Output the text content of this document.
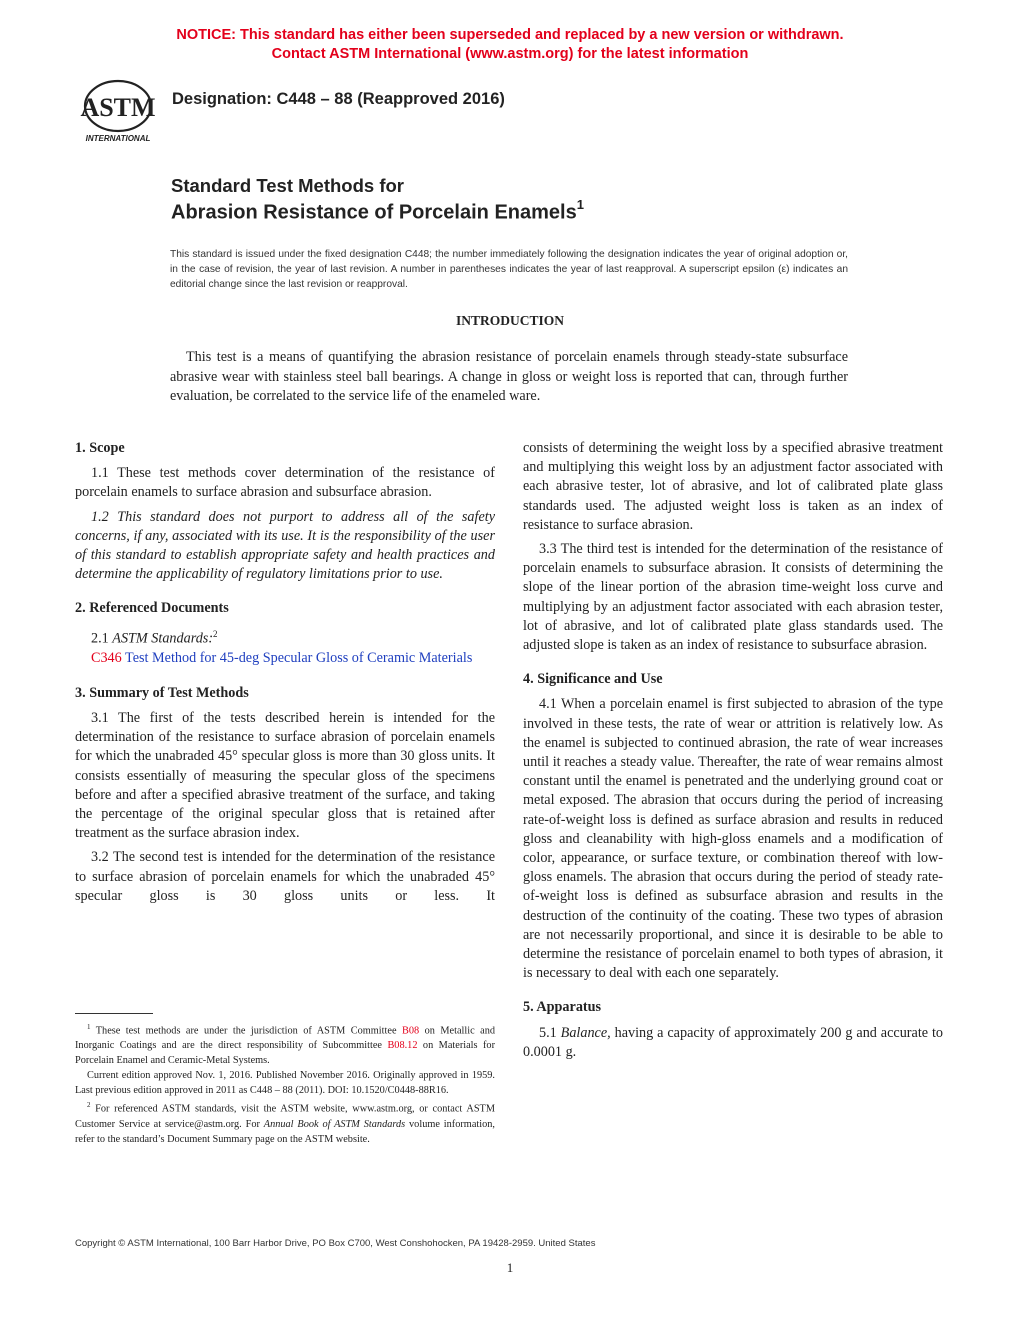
NOTICE: This standard has either been superseded and replaced by a new version or withdrawn.
Contact ASTM International (www.astm.org) for the latest information
ASTM
INTERNATIONAL
Designation: C448 – 88 (Reapproved 2016)
Standard Test Methods for
Abrasion Resistance of Porcelain Enamels$^1$
This standard is issued under the fixed designation C448; the number immediately following the designation indicates the year of original adoption or, in the case of revision, the year of last revision. A number in parentheses indicates the year of last reapproval. A superscript epsilon (ε) indicates an editorial change since the last revision or reapproval.
INTRODUCTION
This test is a means of quantifying the abrasion resistance of porcelain enamels through steady-state subsurface abrasive wear with stainless steel ball bearings. A change in gloss or weight loss is reported that can, through further evaluation, be correlated to the service life of the enameled ware.
1. Scope

1.1 These test methods cover determination of the resistance of porcelain enamels to surface abrasion and subsurface abrasion.

1.2 This standard does not purport to address all of the safety concerns, if any, associated with its use. It is the responsibility of the user of this standard to establish appropriate safety and health practices and determine the applicability of regulatory limitations prior to use.

2. Referenced Documents

2.1 ASTM Standards:$^2$

C346 Test Method for 45-deg Specular Gloss of Ceramic Materials

3. Summary of Test Methods

3.1 The first of the tests described herein is intended for the determination of the resistance to surface abrasion of porcelain enamels for which the unabraded 45° specular gloss is more than 30 gloss units. It consists essentially of measuring the specular gloss of the specimens before and after a specified abrasive treatment of the surface, and taking the percentage of the original specular gloss that is retained after treatment as the surface abrasion index.

3.2 The second test is intended for the determination of the resistance to surface abrasion of porcelain enamels for which the unabraded 45° specular gloss is 30 gloss units or less. It

consists of determining the weight loss by a specified abrasive treatment and multiplying this weight loss by an adjustment factor associated with each abrasive tester, lot of abrasive, and lot of calibrated plate glass standards used. The adjusted weight loss is taken as an index of resistance to surface abrasion.

3.3 The third test is intended for the determination of the resistance of porcelain enamels to subsurface abrasion. It consists of determining the slope of the linear portion of the abrasion time-weight loss curve and multiplying by an adjustment factor associated with each abrasion tester, lot of abrasive, and lot of calibrated plate glass standards used. The adjusted slope is taken as an index of resistance to subsurface abrasion.

4. Significance and Use

4.1 When a porcelain enamel is first subjected to abrasion of the type involved in these tests, the rate of wear or attrition is relatively low. As the enamel is subjected to continued abrasion, the rate of wear increases until it reaches a steady value. Thereafter, the rate of wear remains almost constant until the enamel is penetrated and the underlying ground coat or metal exposed. The abrasion that occurs during the period of increasing rate-of-weight loss is defined as surface abrasion and results in reduced gloss and cleanability with high-gloss enamels and a modification of color, appearance, or surface texture, or combination thereof with low-gloss enamels. The abrasion that occurs during the period of steady rate-of-weight loss is defined as subsurface abrasion and results in the destruction of the continuity of the coating. These two types of abrasion are not necessarily proportional, and since it is desirable to be able to determine the resistance of porcelain enamel to both types of abrasion, it is necessary to deal with each one separately.

5. Apparatus

5.1 Balance, having a capacity of approximately 200 g and accurate to 0.0001 g.

$^1$ These test methods are under the jurisdiction of ASTM Committee B08 on Metallic and Inorganic Coatings and are the direct responsibility of Subcommittee B08.12 on Materials for Porcelain Enamel and Ceramic-Metal Systems.

Current edition approved Nov. 1, 2016. Published November 2016. Originally approved in 1959. Last previous edition approved in 2011 as C448 – 88 (2011). DOI: 10.1520/C0448-88R16.

$^2$ For referenced ASTM standards, visit the ASTM website, www.astm.org, or contact ASTM Customer Service at service@astm.org. For Annual Book of ASTM Standards volume information, refer to the standard’s Document Summary page on the ASTM website.

Copyright © ASTM International, 100 Barr Harbor Drive, PO Box C700, West Conshohocken, PA 19428-2959. United States
1
